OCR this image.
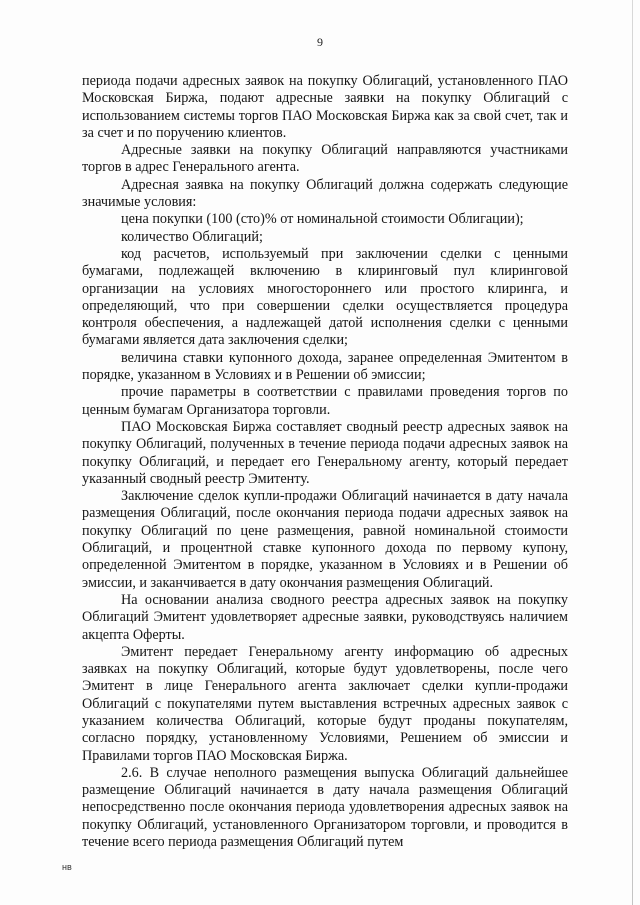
9

периода подачи адресных заявок на покупку Облигаций, установленного ПАО Московская Биржа, подают адресные заявки на покупку Облигаций с использованием системы торгов ПАО Московская Биржа как за свой счет, так и за счет и по поручению клиентов.

Адресные заявки на покупку Облигаций направляются участниками торгов в адрес Генерального агента.

Адресная заявка на покупку Облигаций должна содержать следующие значимые условия:

цена покупки (100 (сто)% от номинальной стоимости Облигации);

количество Облигаций;

код расчетов, используемый при заключении сделки с ценными бумагами, подлежащей включению в клиринговый пул клиринговой организации на условиях многостороннего или простого клиринга, и определяющий, что при совершении сделки осуществляется процедура контроля обеспечения, а надлежащей датой исполнения сделки с ценными бумагами является дата заключения сделки;

величина ставки купонного дохода, заранее определенная Эмитентом в порядке, указанном в Условиях и в Решении об эмиссии;

прочие параметры в соответствии с правилами проведения торгов по ценным бумагам Организатора торговли.

ПАО Московская Биржа составляет сводный реестр адресных заявок на покупку Облигаций, полученных в течение периода подачи адресных заявок на покупку Облигаций, и передает его Генеральному агенту, который передает указанный сводный реестр Эмитенту.

Заключение сделок купли-продажи Облигаций начинается в дату начала размещения Облигаций, после окончания периода подачи адресных заявок на покупку Облигаций по цене размещения, равной номинальной стоимости Облигаций, и процентной ставке купонного дохода по первому купону, определенной Эмитентом в порядке, указанном в Условиях и в Решении об эмиссии, и заканчивается в дату окончания размещения Облигаций.

На основании анализа сводного реестра адресных заявок на покупку Облигаций Эмитент удовлетворяет адресные заявки, руководствуясь наличием акцепта Оферты.

Эмитент передает Генеральному агенту информацию об адресных заявках на покупку Облигаций, которые будут удовлетворены, после чего Эмитент в лице Генерального агента заключает сделки купли-продажи Облигаций с покупателями путем выставления встречных адресных заявок с указанием количества Облигаций, которые будут проданы покупателям, согласно порядку, установленному Условиями, Решением об эмиссии и Правилами торгов ПАО Московская Биржа.

2.6. В случае неполного размещения выпуска Облигаций дальнейшее размещение Облигаций начинается в дату начала размещения Облигаций непосредственно после окончания периода удовлетворения адресных заявок на покупку Облигаций, установленного Организатором торговли, и проводится в течение всего периода размещения Облигаций путем

нв
